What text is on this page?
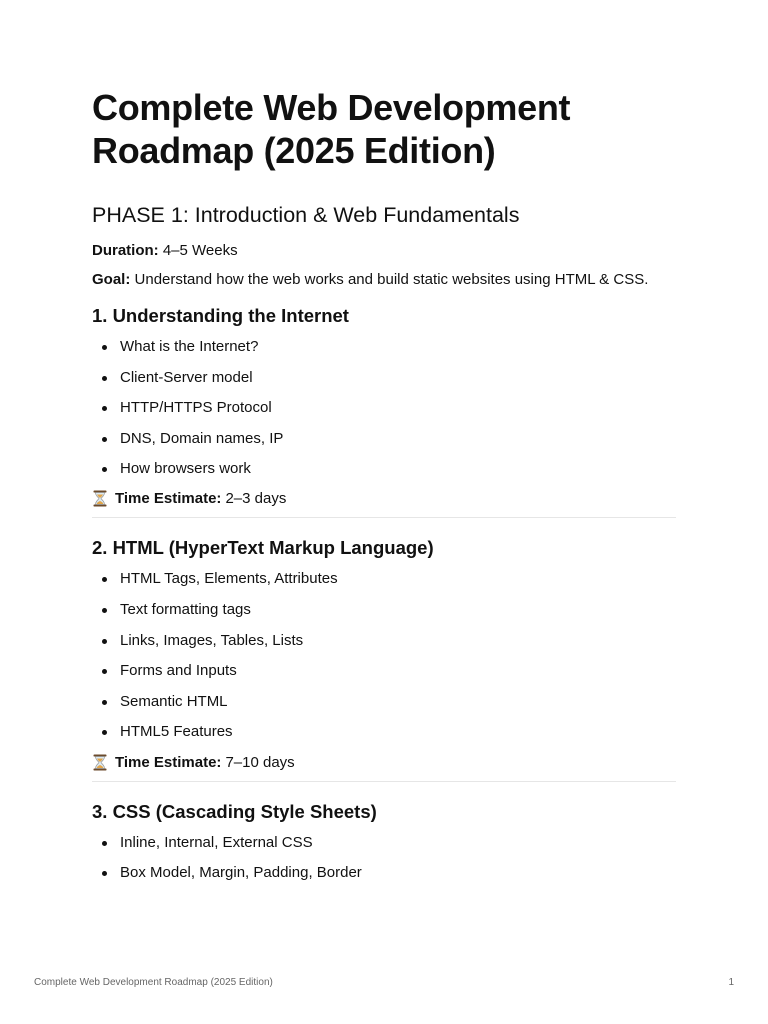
Complete Web Development Roadmap (2025 Edition)
PHASE 1: Introduction & Web Fundamentals
Duration: 4–5 Weeks
Goal: Understand how the web works and build static websites using HTML & CSS.
1. Understanding the Internet
What is the Internet?
Client-Server model
HTTP/HTTPS Protocol
DNS, Domain names, IP
How browsers work
Time Estimate: 2–3 days
2. HTML (HyperText Markup Language)
HTML Tags, Elements, Attributes
Text formatting tags
Links, Images, Tables, Lists
Forms and Inputs
Semantic HTML
HTML5 Features
Time Estimate: 7–10 days
3. CSS (Cascading Style Sheets)
Inline, Internal, External CSS
Box Model, Margin, Padding, Border
Complete Web Development Roadmap (2025 Edition)	1
